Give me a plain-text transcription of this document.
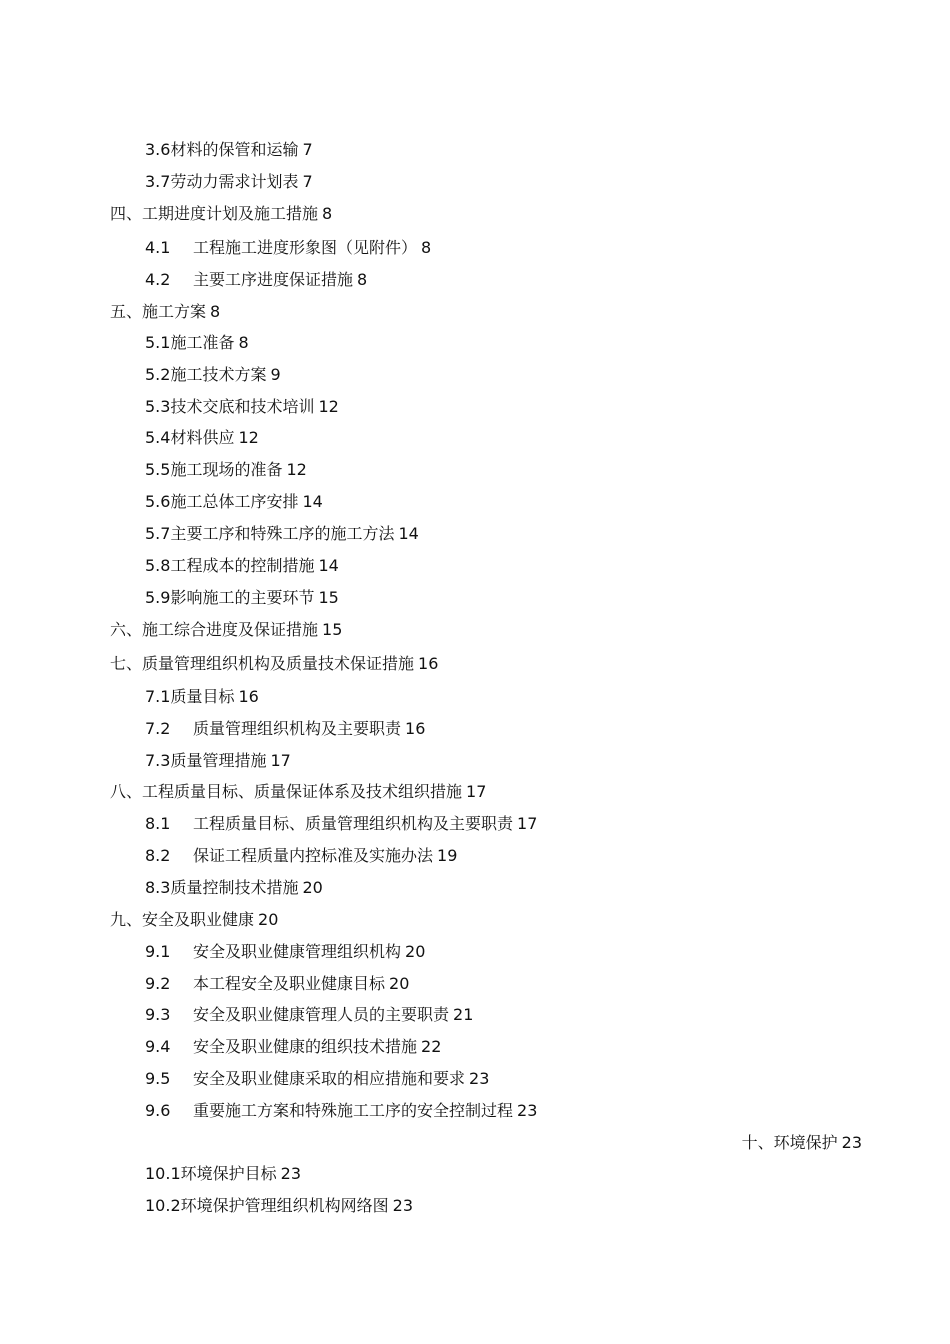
3.6材料的保管和运输 7
3.7劳动力需求计划表 7
四、工期进度计划及施工措施 8
4.1 工程施工进度形象图（见附件） 8
4.2 主要工序进度保证措施 8
五、施工方案 8
5.1施工准备 8
5.2施工技术方案 9
5.3技术交底和技术培训 12
5.4材料供应 12
5.5施工现场的准备 12
5.6施工总体工序安排 14
5.7主要工序和特殊工序的施工方法 14
5.8工程成本的控制措施 14
5.9影响施工的主要环节 15
六、施工综合进度及保证措施 15
七、质量管理组织机构及质量技术保证措施 16
7.1质量目标 16
7.2 质量管理组织机构及主要职责 16
7.3质量管理措施 17
八、工程质量目标、质量保证体系及技术组织措施 17
8.1 工程质量目标、质量管理组织机构及主要职责 17
8.2 保证工程质量内控标准及实施办法 19
8.3质量控制技术措施 20
九、安全及职业健康 20
9.1 安全及职业健康管理组织机构 20
9.2 本工程安全及职业健康目标 20
9.3 安全及职业健康管理人员的主要职责 21
9.4 安全及职业健康的组织技术措施 22
9.5 安全及职业健康采取的相应措施和要求 23
9.6 重要施工方案和特殊施工工序的安全控制过程 23
十、环境保护 23
10.1环境保护目标 23
10.2环境保护管理组织机构网络图 23
